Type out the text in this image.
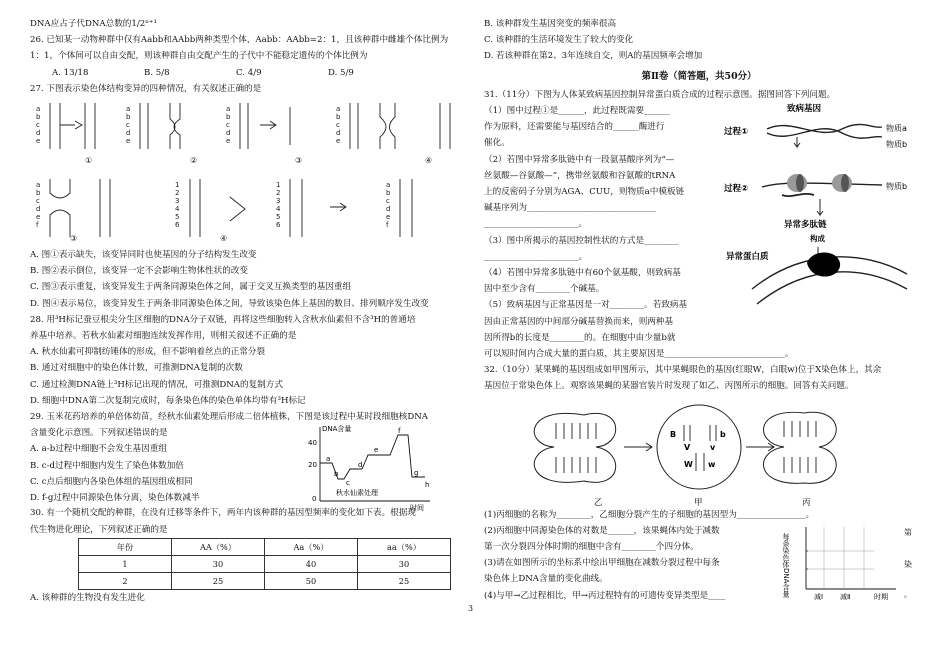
DNA应占子代DNA总数的1/2ⁿ⁺¹
26. 已知某一动物种群中仅有Aabb和AAbb两种类型个体，Aabb：AAbb=2：1，且该种群中雌雄个体比例为
1：1，个体间可以自由交配，则该种群自由交配产生的子代中不能稳定遗传的个体比例为
A. 13/18	B. 5/8	C. 4/9	D. 5/9
27. 下图表示染色体结构变异的四种情况，有关叙述正确的是
a
b
c
d
e
a
b
c
d
e
a
b
c
d
e
a
b
c
d
e
a
b
c
d
e
f
1
2
3
4
5
6
1
2
3
4
5
6
a
b
c
d
e
f
①	②	③	④
③	④
A. 图①表示缺失，该变异同时也使基因的分子结构发生改变
B. 图②表示倒位，该变异一定不会影响生物体性状的改变
C. 图③表示重复，该变异发生于两条同源染色体之间，属于交叉互换类型的基因重组
D. 图④表示易位，该变异发生于两条非同源染色体之间，导致该染色体上基因的数目、排列顺序发生改变
28. 用³H标记蚕豆根尖分生区细胞的DNA分子双链，再将这些细胞转入含秋水仙素但不含³H的普通培
养基中培养。若秋水仙素对细胞连续发挥作用，则相关叙述不正确的是
A. 秋水仙素可抑制纺锤体的形成，但不影响着丝点的正常分裂
B. 通过对细胞中的染色体计数，可推测DNA复制的次数
C. 通过检测DNA链上³H标记出现的情况，可推测DNA的复制方式
D. 细胞中DNA第二次复制完成时，每条染色体的染色单体均带有³H标记
29. 玉米花药培养的单倍体幼苗，经秋水仙素处理后形成二倍体植株，下图是该过程中某时段细胞核DNA
含量变化示意图。下列叙述错误的是
A. a-b过程中细胞不会发生基因重组
B. c-d过程中细胞内发生了染色体数加倍
C. c点后细胞内各染色体组的基因组成相同
D. f-g过程中同源染色体分离，染色体数减半
DNA含量
时间
40
20
0
a
b
c
d
e
f
g
h
秋水仙素处理
30. 有一个随机交配的种群，在没有迁移等条件下，两年内该种群的基因型频率的变化如下表。根据现
代生物进化理论，下列叙述正确的是
年份	AA（%）	Aa（%）	aa（%）
1	30	40	30
2	25	50	25
A. 该种群的生物没有发生进化
B. 该种群发生基因突变的频率很高
C. 该种群的生活环境发生了较大的变化
D. 若该种群在第2、3年连续自交，则A的基因频率会增加
第Ⅱ卷（简答题，共50分）
31.（11分）下图为人体某致病基因控制异常蛋白质合成的过程示意图。据图回答下列问题。
（1）图中过程①是______，此过程既需要______
作为原料，还需要能与基因结合的______酶进行
催化。
（2）若图中异常多肽链中有一段氨基酸序列为“—
丝氨酸—谷氨酸—”，携带丝氨酸和谷氨酸的tRNA
上的反密码子分别为AGA、CUU，则物质a中模板链
碱基序列为______________________________
______________________。
（3）图中所揭示的基因控制性状的方式是________
______________________。
（4）若图中异常多肽链中有60个氨基酸，则致病基
因中至少含有________个碱基。
（5）致病基因与正常基因是一对________。若致病基
因由正常基因的中间部分碱基替换而来，则两种基
因所得b的长度是________的。在细胞中由少量b就
可以短时间内合成大量的蛋白质，其主要原因是____________________________。
致病基因
过程①
过程②
物质a
物质b
物质b
异常多肽链
构成
异常蛋白质
32.（10分）某果蝇的基因组成如甲图所示，其中果蝇眼色的基因(红眼W，白眼w)位于X染色体上，其余
基因位于常染色体上。观察该果蝇的某器官装片时发现了如乙、丙图所示的细胞。回答有关问题。
B	b
V v
W w
乙	甲	丙
(1)丙细胞的名称为________，乙细胞分裂产生的子细胞的基因型为________________。
(2)丙细胞中同源染色体的对数是______，该果蝇体内处于减数
第一次分裂四分体时期的细胞中含有________个四分体。
(3)请在如图所示的坐标系中绘出甲细胞在减数分裂过程中每条
染色体上DNA含量的变化曲线。
(4)与甲→乙过程相比，甲→丙过程特有的可遗传变异类型是____
第
染
。
每条染色体DNA含量	减Ⅰ 减Ⅱ	时期
3
